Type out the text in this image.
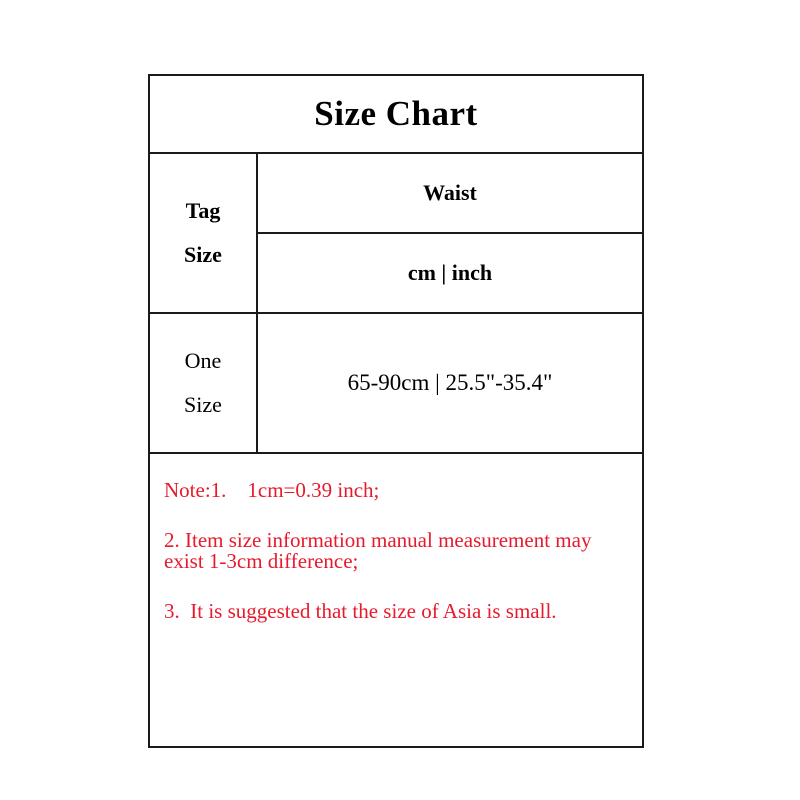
Size Chart
Tag
Size
Waist
cm | inch
One
Size
65-90cm | 25.5"-35.4"
Note:1.    1cm=0.39 inch;
2. Item size information manual measurement may exist 1-3cm difference;
3.  It is suggested that the size of Asia is small.
